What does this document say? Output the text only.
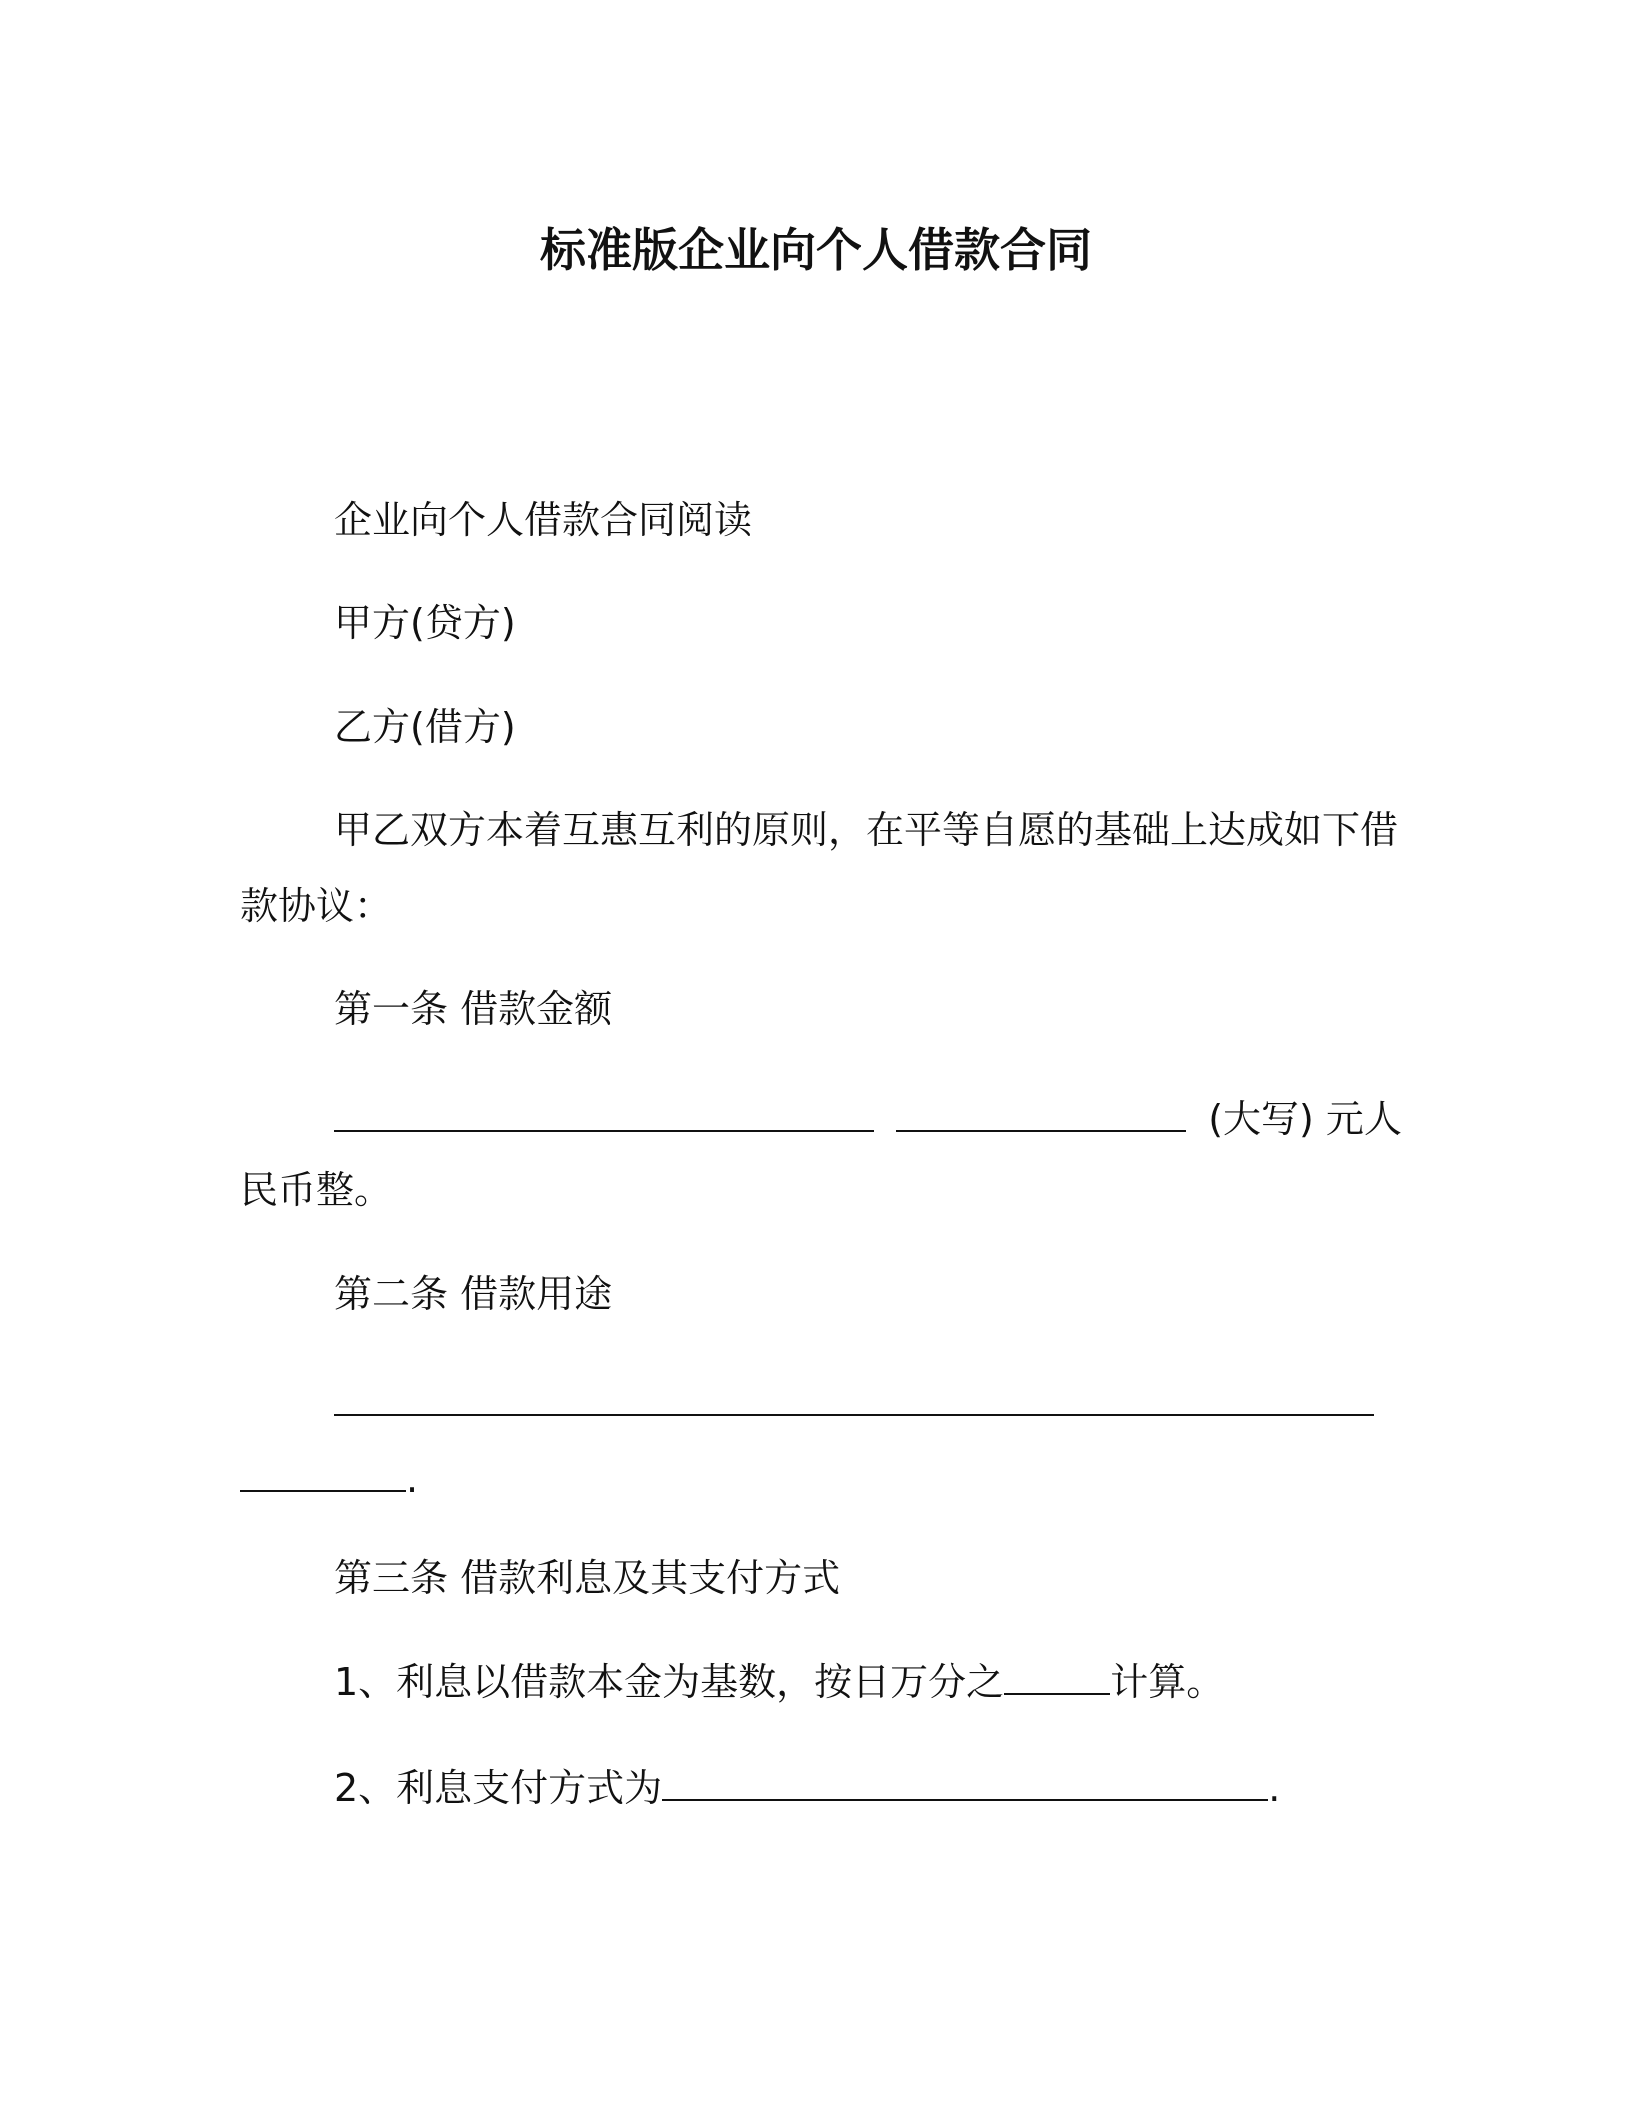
标准版企业向个人借款合同
企业向个人借款合同阅读
甲方(贷方)
乙方(借方)
甲乙双方本着互惠互利的原则，在平等自愿的基础上达成如下借
款协议：
第一条 借款金额
(大写) 元人
民币整。
第二条 借款用途
.
第三条 借款利息及其支付方式
1、利息以借款本金为基数，按日万分之	计算。
2、利息支付方式为	.
